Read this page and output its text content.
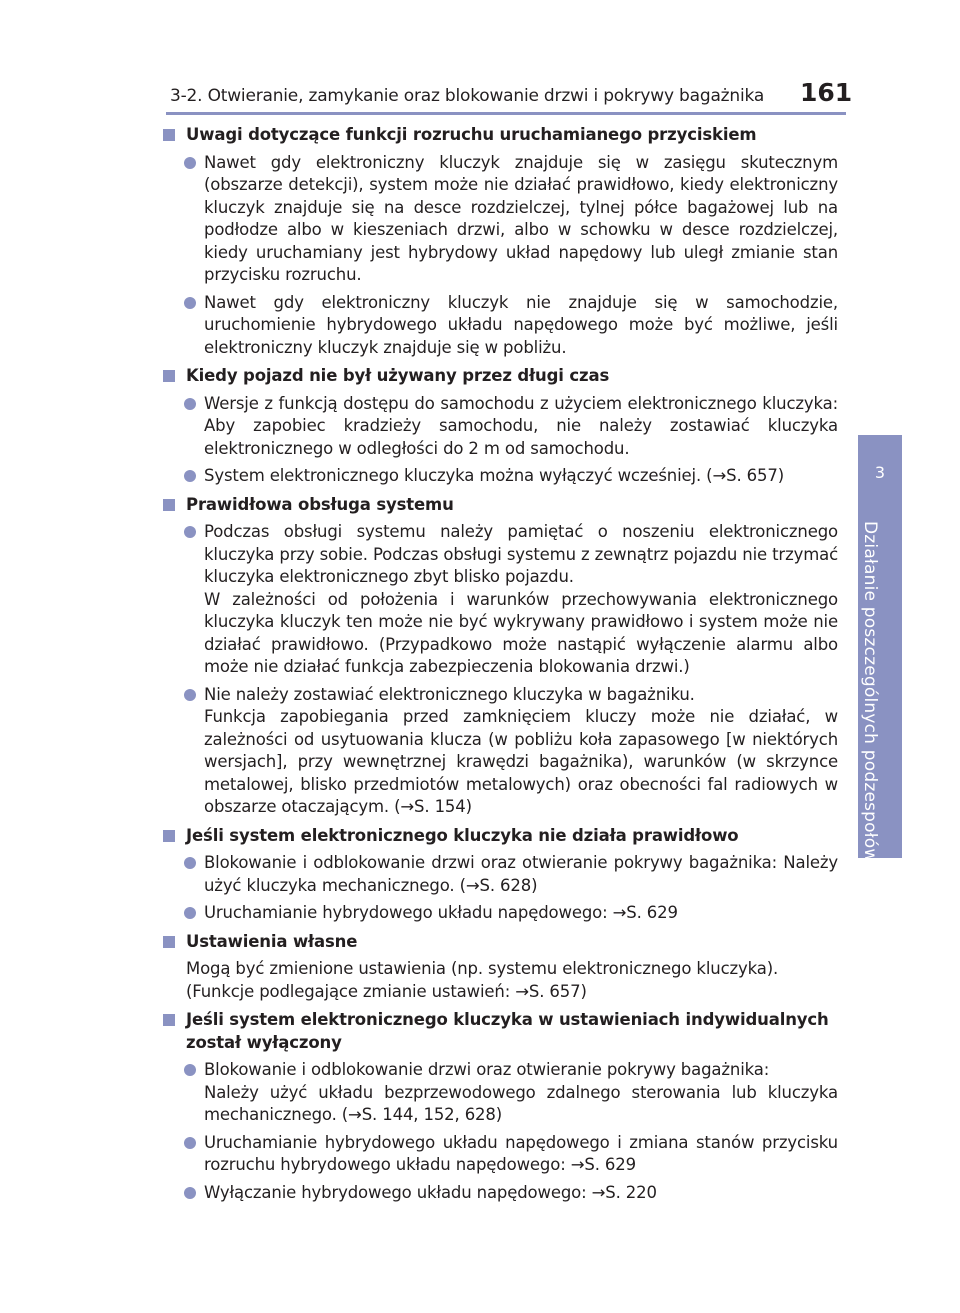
3-2. Otwieranie, zamykanie oraz blokowanie drzwi i pokrywy bagażnika 161
3
Działanie poszczególnych podzespołów
Uwagi dotyczące funkcji rozruchu uruchamianego przyciskiem

Nawet gdy elektroniczny kluczyk znajduje się w zasięgu skutecznym (obszarze detekcji), system może nie działać prawidłowo, kiedy elektroniczny kluczyk znajduje się na desce rozdzielczej, tylnej półce bagażowej lub na podłodze albo w kieszeniach drzwi, albo w schowku w desce rozdzielczej, kiedy uruchamiany jest hybrydowy układ napędowy lub uległ zmianie stan przycisku rozruchu.

Nawet gdy elektroniczny kluczyk nie znajduje się w samochodzie, uruchomienie hybrydowego układu napędowego może być możliwe, jeśli elektroniczny kluczyk znajduje się w pobliżu.

Kiedy pojazd nie był używany przez długi czas

Wersje z funkcją dostępu do samochodu z użyciem elektronicznego kluczyka: Aby zapobiec kradzieży samochodu, nie należy zostawiać kluczyka elektronicznego w odległości do 2 m od samochodu.

System elektronicznego kluczyka można wyłączyć wcześniej. (→S. 657)

Prawidłowa obsługa systemu

Podczas obsługi systemu należy pamiętać o noszeniu elektronicznego kluczyka przy sobie. Podczas obsługi systemu z zewnątrz pojazdu nie trzymać kluczyka elektronicznego zbyt blisko pojazdu.

W zależności od położenia i warunków przechowywania elektronicznego kluczyka kluczyk ten może nie być wykrywany prawidłowo i system może nie działać prawidłowo. (Przypadkowo może nastąpić wyłączenie alarmu albo może nie działać funkcja zabezpieczenia blokowania drzwi.)

Nie należy zostawiać elektronicznego kluczyka w bagażniku.

Funkcja zapobiegania przed zamknięciem kluczy może nie działać, w zależności od usytuowania klucza (w pobliżu koła zapasowego [w niektórych wersjach], przy wewnętrznej krawędzi bagażnika), warunków (w skrzynce metalowej, blisko przedmiotów metalowych) oraz obecności fal radiowych w obszarze otaczającym. (→S. 154)

Jeśli system elektronicznego kluczyka nie działa prawidłowo

Blokowanie i odblokowanie drzwi oraz otwieranie pokrywy bagażnika: Należy użyć kluczyka mechanicznego. (→S. 628)

Uruchamianie hybrydowego układu napędowego: →S. 629

Ustawienia własne

Mogą być zmienione ustawienia (np. systemu elektronicznego kluczyka).

(Funkcje podlegające zmianie ustawień: →S. 657)

Jeśli system elektronicznego kluczyka w ustawieniach indywidualnych został wyłączony

Blokowanie i odblokowanie drzwi oraz otwieranie pokrywy bagażnika:

Należy użyć układu bezprzewodowego zdalnego sterowania lub kluczyka mechanicznego. (→S. 144, 152, 628)

Uruchamianie hybrydowego układu napędowego i zmiana stanów przycisku rozruchu hybrydowego układu napędowego: →S. 629

Wyłączanie hybrydowego układu napędowego: →S. 220
